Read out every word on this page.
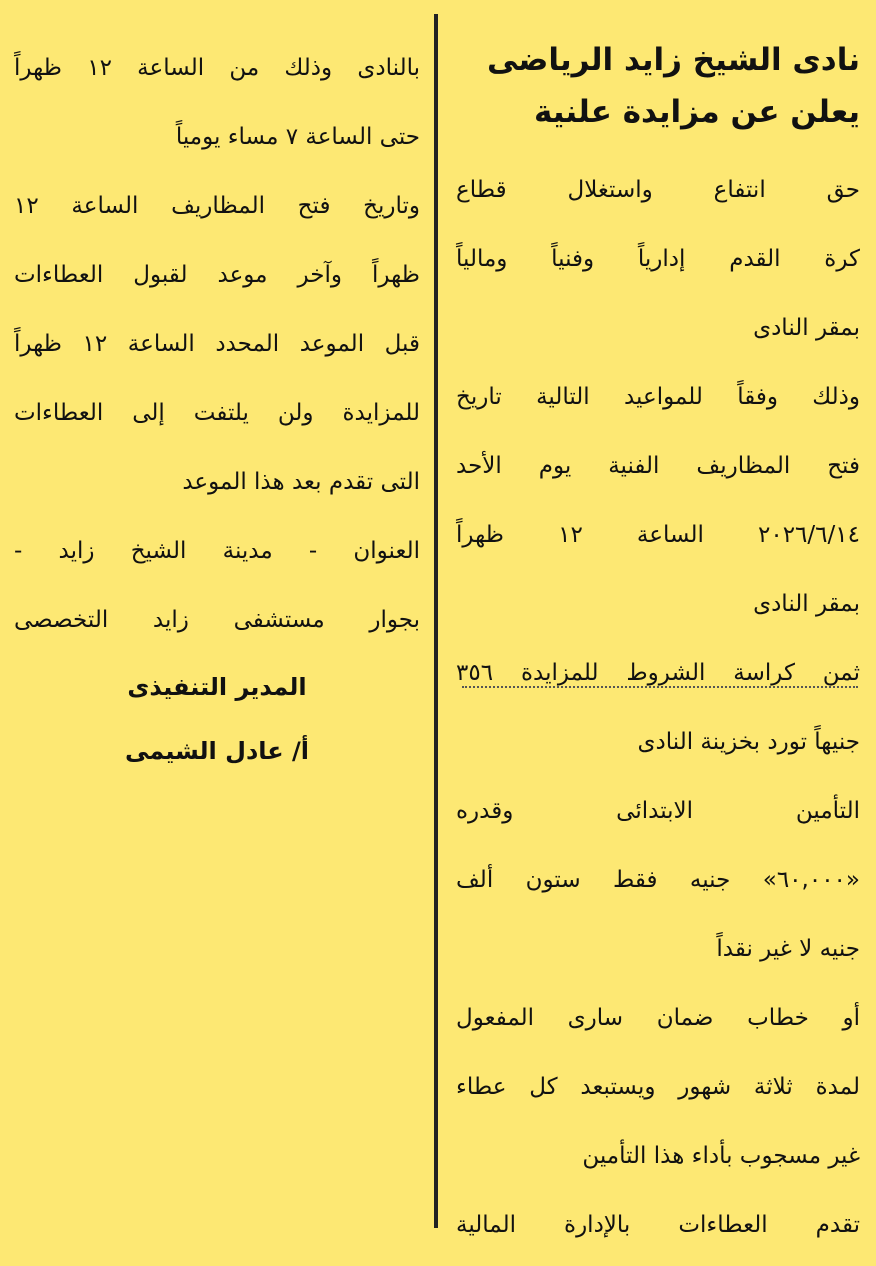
نادى الشيخ زايد الرياضى

يعلن عن مزايدة علنية

حق انتفاع واستغلال قطاع

كرة القدم إدارياً وفنياً ومالياً

بمقر النادى

وذلك وفقاً للمواعيد التالية تاريخ

فتح المظاريف الفنية يوم الأحد

٢٠٢٦/٦/١٤ الساعة ١٢ ظهراً

بمقر النادى

ثمن كراسة الشروط للمزايدة ٣٥٦

جنيهاً تورد بخزينة النادى

التأمين الابتدائى وقدره

«٦٠,٠٠٠» جنيه فقط ستون ألف

جنيه لا غير نقداً

أو خطاب ضمان سارى المفعول

لمدة ثلاثة شهور ويستبعد كل عطاء

غير مسجوب بأداء هذا التأمين

تقدم العطاءات بالإدارة المالية

بالنادى وذلك من الساعة ١٢ ظهراً

حتى الساعة ٧ مساء يومياً

وتاريخ فتح المظاريف الساعة ١٢

ظهراً وآخر موعد لقبول العطاءات

قبل الموعد المحدد الساعة ١٢ ظهراً

للمزايدة ولن يلتفت إلى العطاءات

التى تقدم بعد هذا الموعد

العنوان - مدينة الشيخ زايد -

بجوار مستشفى زايد التخصصى

المدير التنفيذى

أ/ عادل الشيمى
